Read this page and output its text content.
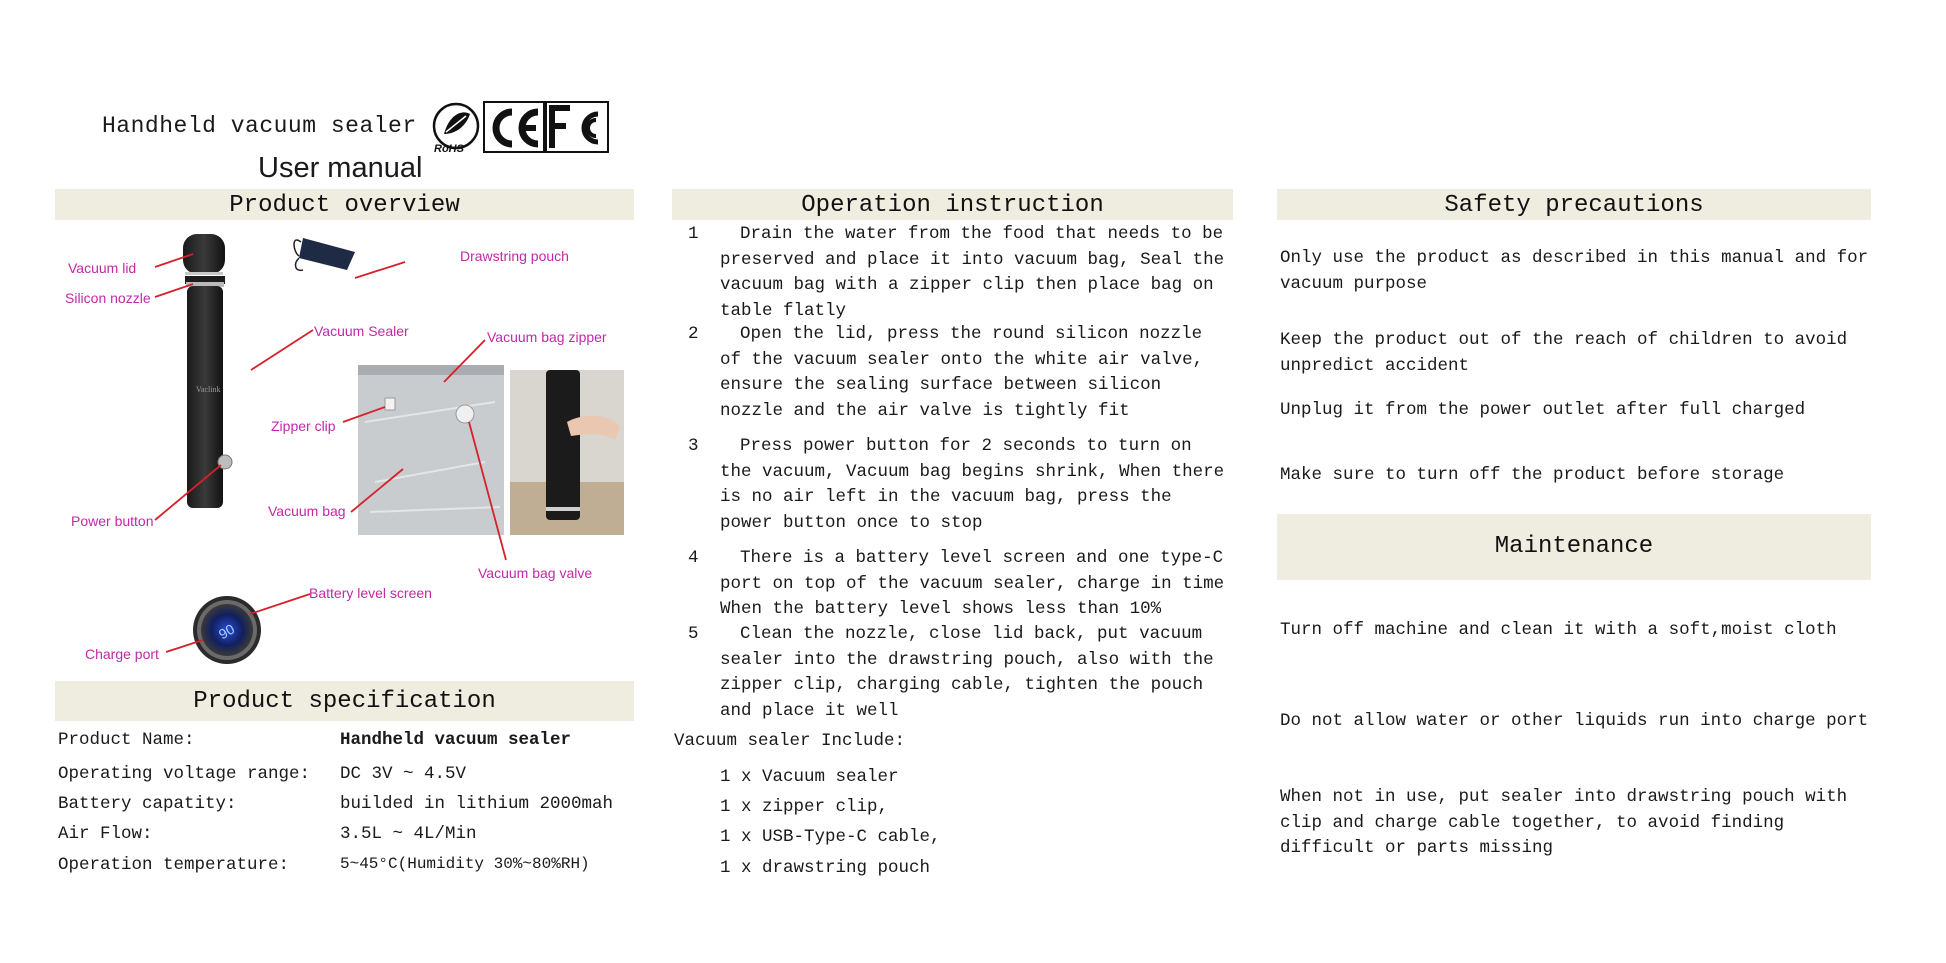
Handheld vacuum sealer
User manual
RoHS
Product overview
Vaclink
90
Vacuum lid
Silicon nozzle
Drawstring pouch
Vacuum Sealer	Vacuum bag zipper
Zipper clip
Power button
Vacuum bag
Vacuum bag valve
Battery level screen
Charge port
Product specification
Product Name:	Handheld vacuum sealer
Operating voltage range: DC 3V ~ 4.5V
Battery capatity:	builded in lithium 2000mah
Air Flow:	3.5L ~ 4L/Min
Operation temperature:	5~45°C(Humidity 30%~80%RH)
Operation instruction
1	Drain the water from the food that needs to be preserved and place it into vacuum bag, Seal the vacuum bag with a zipper clip then place bag on table flatly
2	Open the lid, press the round silicon nozzle of the vacuum sealer onto the white air valve, ensure the sealing surface between silicon nozzle and the air valve is tightly fit
3	Press power button for 2 seconds to turn on the vacuum, Vacuum bag begins shrink, When there is no air left in the vacuum bag, press the power button once to stop
4	There is a battery level screen and one type-C port on top of the vacuum sealer, charge in time When the battery level shows less than 10%
5	Clean the nozzle, close lid back, put vacuum sealer into the drawstring pouch, also with the zipper clip, charging cable, tighten the pouch and place it well
Vacuum sealer Include:
1 x Vacuum sealer
1 x zipper clip,
1 x USB-Type-C cable,
1 x drawstring pouch
Safety precautions
Only use the product as described in this manual and for vacuum purpose
Keep the product out of the reach of children to avoid unpredict accident
Unplug it from the power outlet after full charged
Make sure to turn off the product before storage
Maintenance
Turn off machine and clean it with a soft,moist cloth
Do not allow water or other liquids run into charge port
When not in use, put sealer into drawstring pouch with clip and charge cable together, to avoid finding difficult or parts missing
